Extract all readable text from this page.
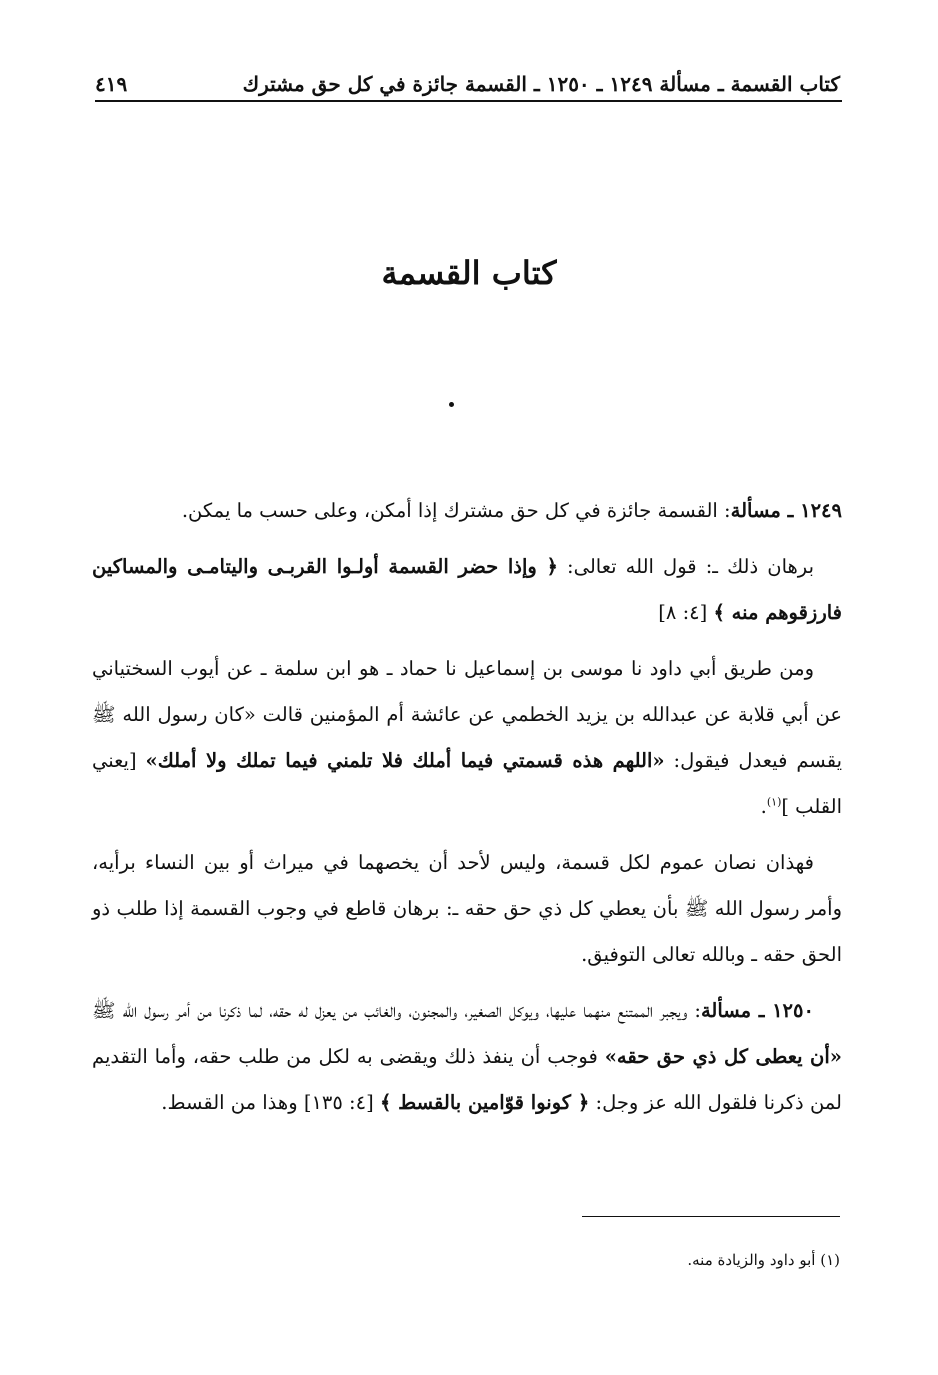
كتاب القسمة ـ مسألة ١٢٤٩ ـ ١٢٥٠ ـ القسمة جائزة في كل حق مشترك
٤١٩
كتاب القسمة

١٢٤٩ ـ مسألة: القسمة جائزة في كل حق مشترك إذا أمكن، وعلى حسب ما يمكن.

برهان ذلك ـ: قول الله تعالى: ﴿ وإذا حضر القسمة أولـوا القربـى واليتامـى والمساكين فارزقوهم منه ﴾ [٤: ٨]

ومن طريق أبي داود نا موسى بن إسماعيل نا حماد ـ هو ابن سلمة ـ عن أيوب السختياني عن أبي قلابة عن عبدالله بن يزيد الخطمي عن عائشة أم المؤمنين قالت «كان رسول الله ﷺ يقسم فيعدل فيقول: «اللهم هذه قسمتي فيما أملك فلا تلمني فيما تملك ولا أملك» [يعني القلب ]$^{(١)}$.

فهذان نصان عموم لكل قسمة، وليس لأحد أن يخصهما في ميراث أو بين النساء برأيه، وأمر رسول الله ﷺ بأن يعطي كل ذي حق حقه ـ: برهان قاطع في وجوب القسمة إذا طلب ذو الحق حقه ـ وبالله تعالى التوفيق.

١٢٥٠ ـ مسألة: ويجبر الممتنع منهما عليها، ويوكل الصغير، والمجنون، والغائب من يعزل له حقه، لما ذكرنا من أمر رسول الله ﷺ «أن يعطى كل ذي حق حقه» فوجب أن ينفذ ذلك ويقضى به لكل من طلب حقه، وأما التقديم لمن ذكرنا فلقول الله عز وجل: ﴿ كونوا قوّامين بالقسط ﴾ [٤: ١٣٥] وهذا من القسط.

(١) أبو داود والزيادة منه.
